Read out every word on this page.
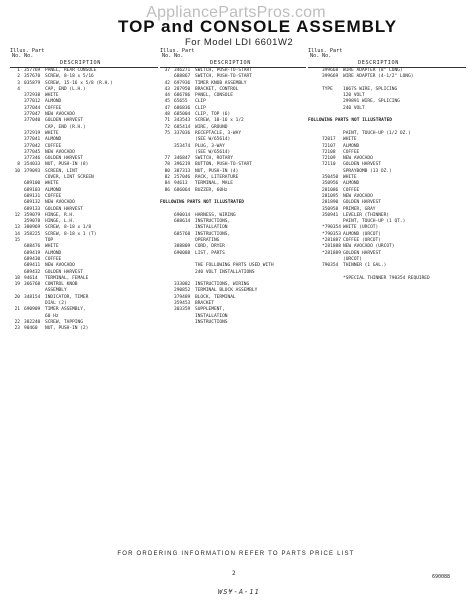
AppliancePartsPros.com
TOP and CONSOLE ASSEMBLY
For Model LDI 6601W2
Illus. Part
No. No.
DESCRIPTION
1 357769 PANEL, REAR CONSOLE
2 357670 SCREW, 8-18 x 5/16
3 035879 SCREW, 15-16 x 5/8 (R.H.)
4	CAP, END (L.H.)
372938 WHITE
377012 ALMOND
377044 COFFEE
377047 NEW AVOCADO
377040 GOLDEN HARVEST
CAP, END (R.H.)
372919 WHITE
377041 ALMOND
377042 COFFEE
377045 NEW AVOCADO
377346 GOLDEN HARVEST
8 354033 NUT, PUSH-IN (8)
10 379093 SCREEN, LINT
COVER, LINT SCREEN
689100 WHITE
689103 ALMOND
689131 COFFEE
689132 NEW AVOCADO
689133 GOLDEN HARVEST
12 359079 HINGE, R.H.
359078 HINGE, L.H.
13 380969 SCREW, 8-18 x 1/8
14 358225 SCREW, 8-18 x 1 (T)
15	TOP
688476 WHITE
689419 ALMOND
689430 COFFEE
689411 NEW AVOCADO
689432 GOLDEN HARVEST
18 94614 TERMINAL, FEMALE
19 366768 CONTROL KNOB
ASSEMBLY
20 348154 INDICATOR, TIMER
DIAL (2)
21 690909 TIMER ASSEMBLY,
60 Hz
22 382240 SCREW, TAPPING
23 90460 NUT, PUSH-IN (2)
Illus. Part
No. No.
DESCRIPTION
37 346271 SWITCH, PUSH-TO-START
688867 SWITCH, PUSH-TO-START
42 697936 TIMER KNOB ASSEMBLY
43 287950 BRACKET, CONTROL
44 686786 PANEL, CONSOLE
45 65655 CLIP
47 686836 CLIP
48 685004 CLIP, TOP (6)
71 343543 SCREW, 10-16 x 1/2
72 685414 WIRE, GROUND
75 337036 RECEPTACLE, 3-WAY
(SEE W/65614)
353474 PLUG, 3-WAY
(SEE W/65614)
77 346847 SWITCH, ROTARY
78 396219 BUTTON, PUSH-TO-START
80 387313 NUT, PUSH-IN (4)
82 257046 RACK, LITERATURE
84 94613 TERMINAL, MALE
86 686064 BUZZER, 60Hz
FOLLOWING PARTS NOT ILLUSTRATED
690014 HARNESS, WIRING
688614 INSTRUCTIONS,
INSTALLATION
685768 INSTRUCTIONS,
OPERATING
388809 CORD, DRYER
690088 LIST, PARTS
THE FOLLOWING PARTS USED WITH
240 VOLT INSTALLATIONS
333082 INSTRUCTIONS, WIRING
290852 TERMINAL BLOCK ASSEMBLY
379489 BLOCK, TERMINAL
359453 BRACKET
303359 SUPPLEMENT,
INSTALLATION
INSTRUCTIONS
Illus. Part
No. No.
DESCRIPTION
399668 WIRE ADAPTER (8" LONG)
399669 WIRE ADAPTER (4-1/2" LONG)
TYPE 1067S WIRE, SPLICING
120 VOLT
299891 WIRE, SPLICING
240 VOLT
FOLLOWING PARTS NOT ILLUSTRATED
PAINT, TOUCH-UP (1/2 OZ.)
72017 WHITE
72107 ALMOND
72108 COFFEE
72109 NEW AVOCADO
72110 GOLDEN HARVEST
SPRAYBOMB (13 OZ.)
350450 WHITE
350956 ALMOND
281086 COFFEE
281095 NEW AVOCADO
281890 GOLDEN HARVEST
350958 PRIMER, GRAY
350941 LEVELER (THINNER)
PAINT, TOUCH-UP (1 QT.)
*790354 WHITE (URCOT)
*790353 ALMOND (URCOT)
*281887 COFFEE (URCOT)
*281888 NEW AVOCADO (URCOT)
*281889 GOLDEN HARVEST
(URCOT)
790354 THINNER (1 GAL.)
*SPECIAL THINNER 790354 REQUIRED
FOR ORDERING INFORMATION REFER TO PARTS PRICE LIST
2	690088
WS¥-A-11
